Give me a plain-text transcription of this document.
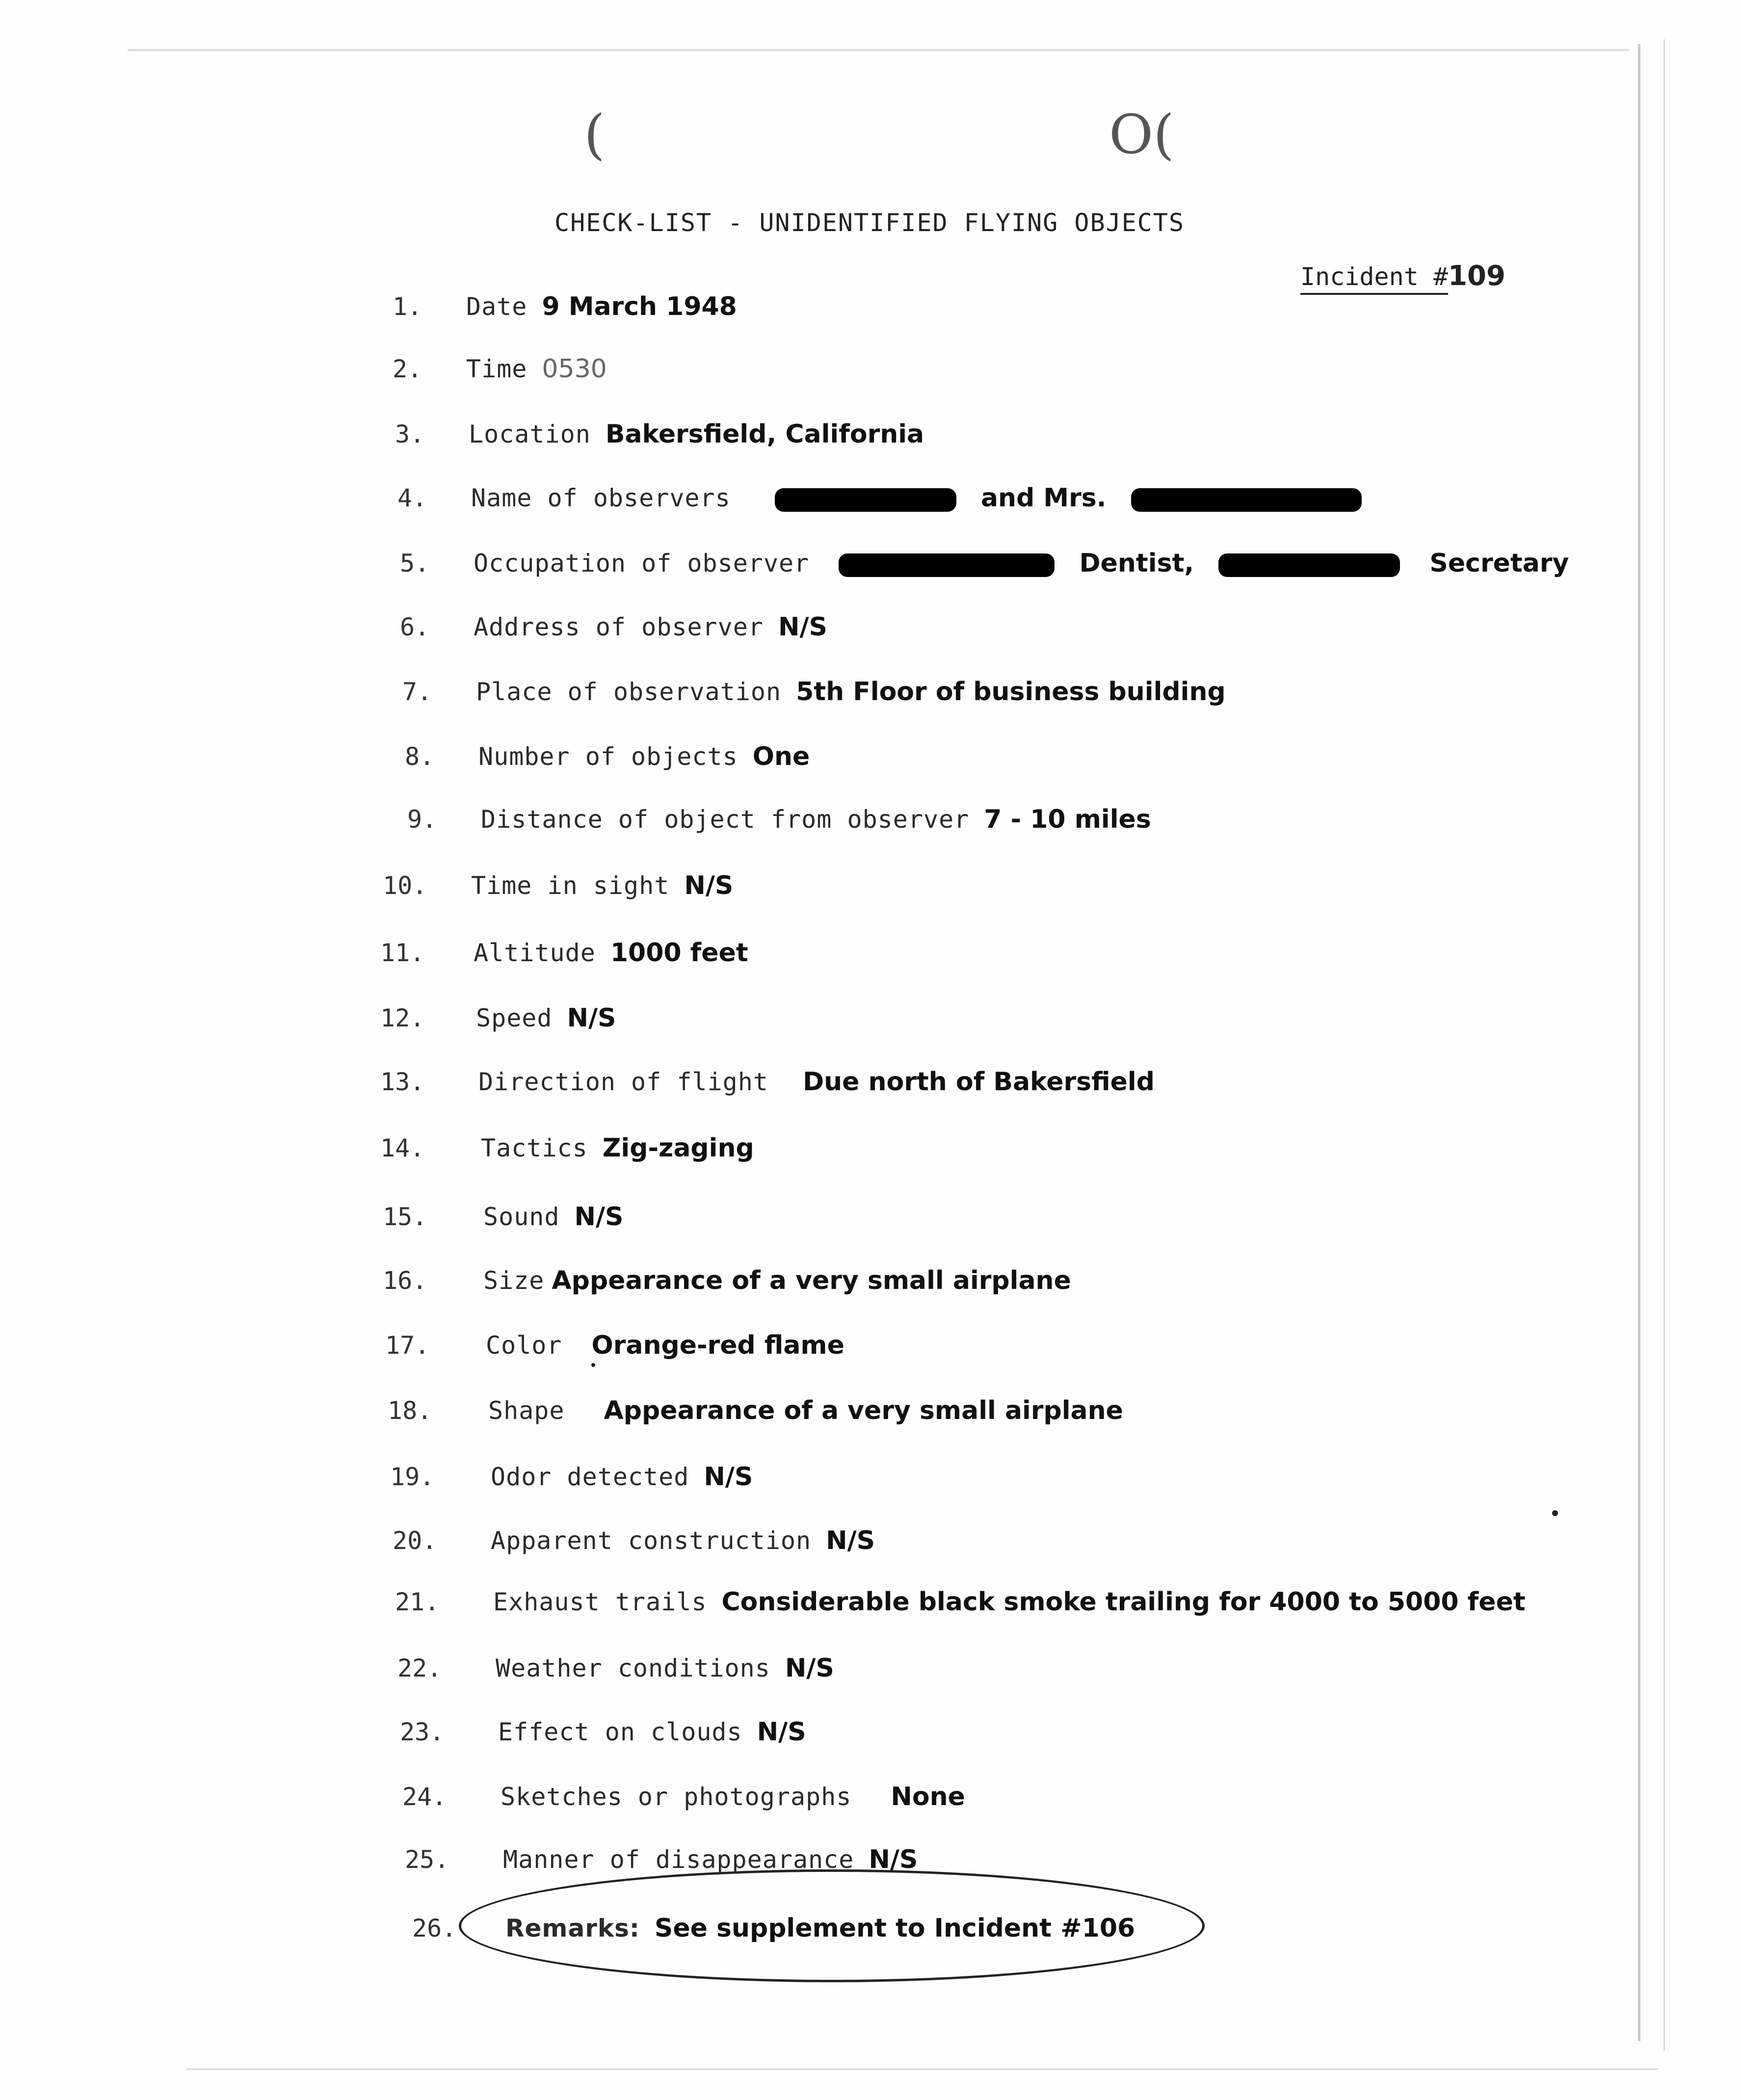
(	O(
CHECK-LIST - UNIDENTIFIED FLYING OBJECTS
Incident #109
1. Date 9 March 1948
2. Time 0530
3. Location Bakersfield, California
4. Name of observers	and Mrs.
5. Occupation of observer	Dentist,	Secretary
6. Address of observer N/S
7. Place of observation 5th Floor of business building
8. Number of objects One
9. Distance of object from observer 7 - 10 miles
10. Time in sight N/S
11. Altitude 1000 feet
12. Speed N/S
13. Direction of flight Due north of Bakersfield
14. Tactics Zig-zaging
15. Sound N/S
16. Size Appearance of a very small airplane
17. Color Orange-red flame
18. Shape Appearance of a very small airplane
19. Odor detected N/S
20. Apparent construction N/S
21. Exhaust trails Considerable black smoke trailing for 4000 to 5000 feet
22. Weather conditions N/S
23. Effect on clouds N/S
24. Sketches or photographs None
25. Manner of disappearance N/S
26. Remarks: See supplement to Incident #106
